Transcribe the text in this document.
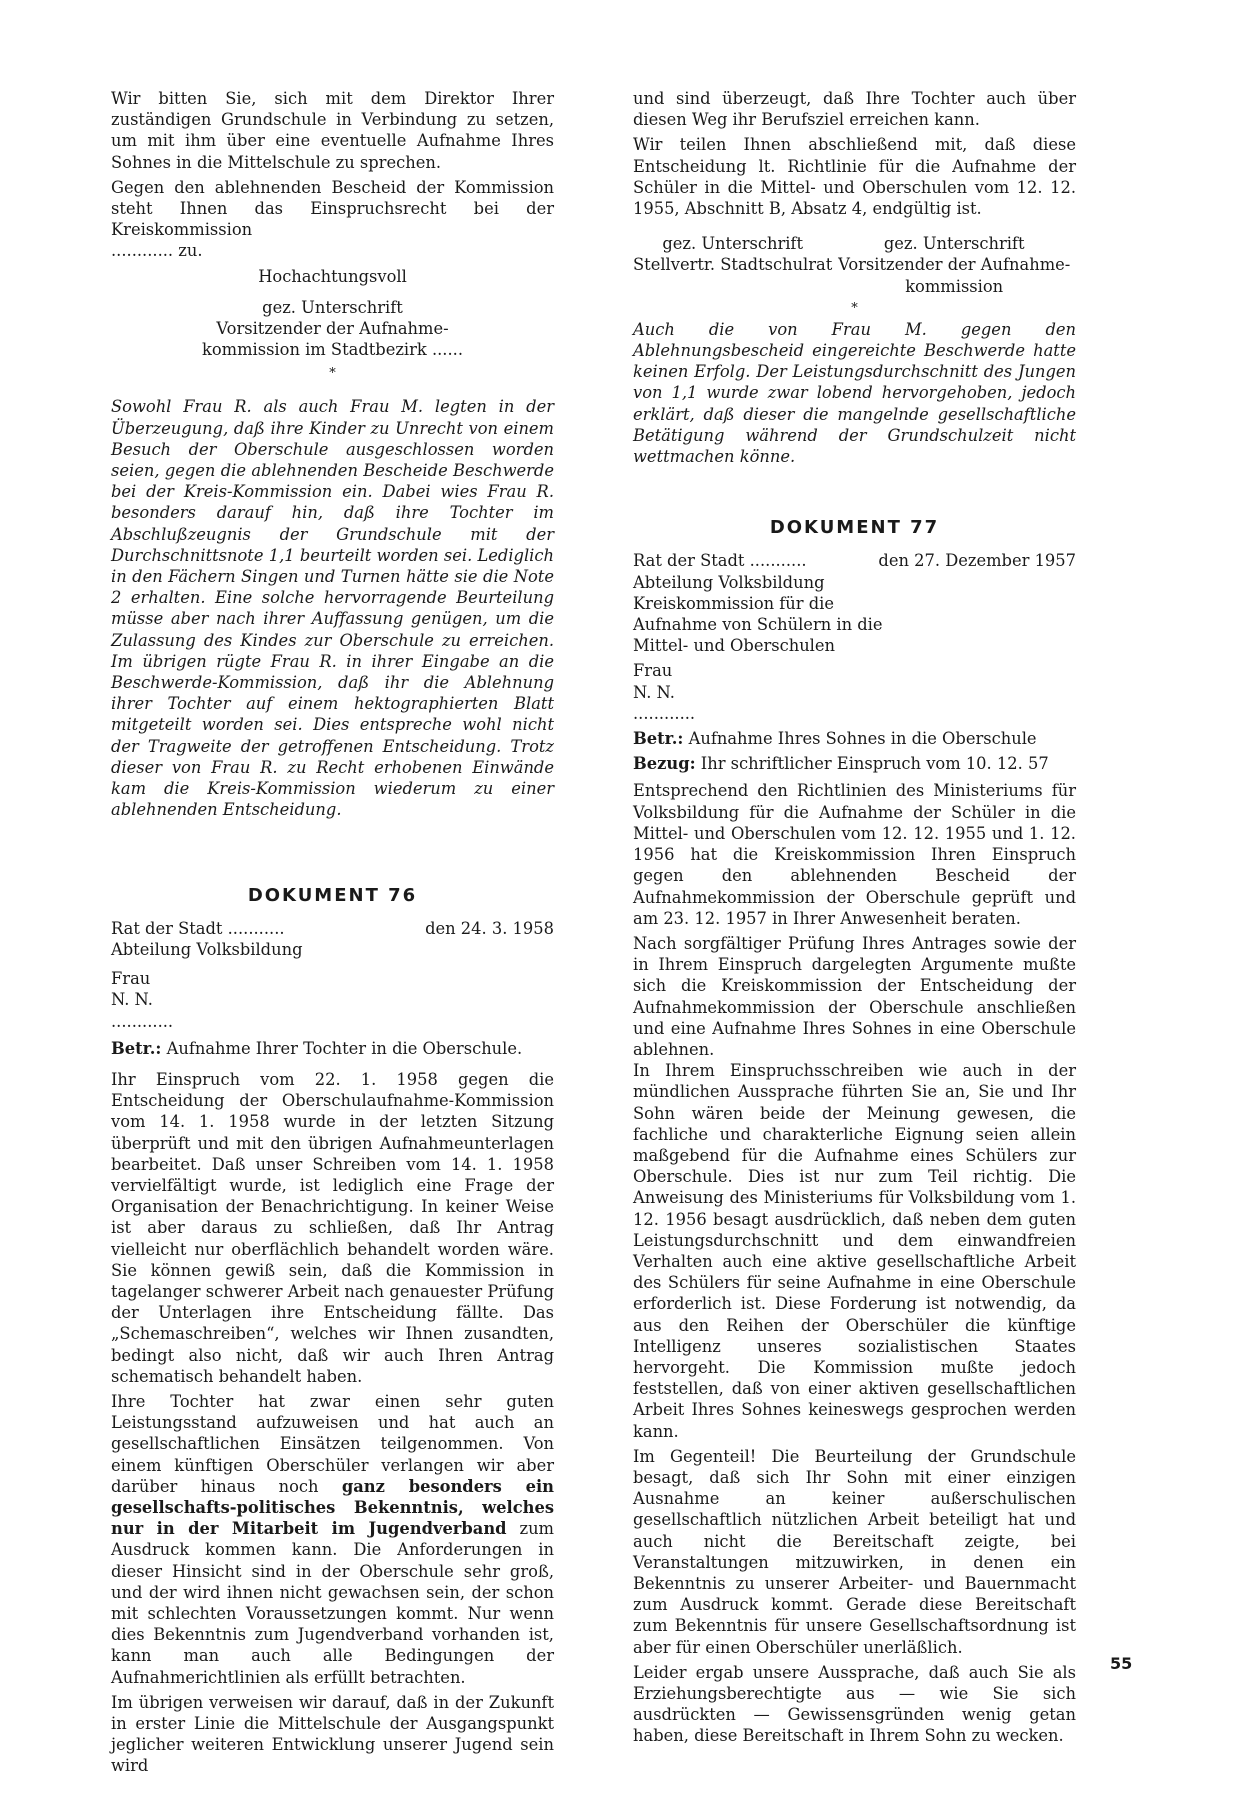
Wir bitten Sie, sich mit dem Direktor Ihrer zuständigen Grundschule in Verbindung zu setzen, um mit ihm über eine eventuelle Aufnahme Ihres Sohnes in die Mittelschule zu sprechen.

Gegen den ablehnenden Bescheid der Kommission steht Ihnen das Einspruchsrecht bei der Kreiskommission

............ zu.

Hochachtungsvoll

gez. Unterschrift

Vorsitzender der Aufnahme-

kommission im Stadtbezirk ......

*

Sowohl Frau R. als auch Frau M. legten in der Überzeugung, daß ihre Kinder zu Unrecht von einem Besuch der Oberschule ausgeschlossen worden seien, gegen die ablehnenden Bescheide Beschwerde bei der Kreis-Kommission ein. Dabei wies Frau R. besonders darauf hin, daß ihre Tochter im Abschlußzeugnis der Grundschule mit der Durchschnittsnote 1,1 beurteilt worden sei. Lediglich in den Fächern Singen und Turnen hätte sie die Note 2 erhalten. Eine solche hervorragende Beurteilung müsse aber nach ihrer Auffassung genügen, um die Zulassung des Kindes zur Oberschule zu erreichen. Im übrigen rügte Frau R. in ihrer Eingabe an die Beschwerde-Kommission, daß ihr die Ablehnung ihrer Tochter auf einem hektographierten Blatt mitgeteilt worden sei. Dies entspreche wohl nicht der Tragweite der getroffenen Entscheidung. Trotz dieser von Frau R. zu Recht erhobenen Einwände kam die Kreis-Kommission wiederum zu einer ablehnenden Entscheidung.

DOKUMENT 76

Rat der Stadt ...........	den 24. 3. 1958

Abteilung Volksbildung

Frau

N. N.

............

Betr.: Aufnahme Ihrer Tochter in die Oberschule.

Ihr Einspruch vom 22. 1. 1958 gegen die Entscheidung der Oberschulaufnahme-Kommission vom 14. 1. 1958 wurde in der letzten Sitzung überprüft und mit den übrigen Aufnahmeunterlagen bearbeitet. Daß unser Schreiben vom 14. 1. 1958 vervielfältigt wurde, ist lediglich eine Frage der Organisation der Benachrichtigung. In keiner Weise ist aber daraus zu schließen, daß Ihr Antrag vielleicht nur oberflächlich behandelt worden wäre. Sie können gewiß sein, daß die Kommission in tagelanger schwerer Arbeit nach genauester Prüfung der Unterlagen ihre Entscheidung fällte. Das „Schemaschreiben“, welches wir Ihnen zusandten, bedingt also nicht, daß wir auch Ihren Antrag schematisch behandelt haben.

Ihre Tochter hat zwar einen sehr guten Leistungsstand aufzuweisen und hat auch an gesellschaftlichen Einsätzen teilgenommen. Von einem künftigen Oberschüler verlangen wir aber darüber hinaus noch ganz besonders ein gesellschafts-politisches Bekenntnis, welches nur in der Mitarbeit im Jugendverband zum Ausdruck kommen kann. Die Anforderungen in dieser Hinsicht sind in der Oberschule sehr groß, und der wird ihnen nicht gewachsen sein, der schon mit schlechten Voraussetzungen kommt. Nur wenn dies Bekenntnis zum Jugendverband vorhanden ist, kann man auch alle Bedingungen der Aufnahmerichtlinien als erfüllt betrachten.

Im übrigen verweisen wir darauf, daß in der Zukunft in erster Linie die Mittelschule der Ausgangspunkt jeglicher weiteren Entwicklung unserer Jugend sein wird

und sind überzeugt, daß Ihre Tochter auch über diesen Weg ihr Berufsziel erreichen kann.

Wir teilen Ihnen abschließend mit, daß diese Entscheidung lt. Richtlinie für die Aufnahme der Schüler in die Mittel- und Oberschulen vom 12. 12. 1955, Abschnitt B, Absatz 4, endgültig ist.

gez. Unterschrift
Stellvertr. Stadtschulrat
gez. Unterschrift
Vorsitzender der Aufnahme-
kommission

*

Auch die von Frau M. gegen den Ablehnungsbescheid eingereichte Beschwerde hatte keinen Erfolg. Der Leistungsdurchschnitt des Jungen von 1,1 wurde zwar lobend hervorgehoben, jedoch erklärt, daß dieser die mangelnde gesellschaftliche Betätigung während der Grundschulzeit nicht wettmachen könne.

DOKUMENT 77

Rat der Stadt ...........	den 27. Dezember 1957

Abteilung Volksbildung

Kreiskommission für die

Aufnahme von Schülern in die

Mittel- und Oberschulen

Frau

N. N.

............

Betr.: Aufnahme Ihres Sohnes in die Oberschule

Bezug: Ihr schriftlicher Einspruch vom 10. 12. 57

Entsprechend den Richtlinien des Ministeriums für Volksbildung für die Aufnahme der Schüler in die Mittel- und Oberschulen vom 12. 12. 1955 und 1. 12. 1956 hat die Kreiskommission Ihren Einspruch gegen den ablehnenden Bescheid der Aufnahmekommission der Oberschule geprüft und am 23. 12. 1957 in Ihrer Anwesenheit beraten.

Nach sorgfältiger Prüfung Ihres Antrages sowie der in Ihrem Einspruch dargelegten Argumente mußte sich die Kreiskommission der Entscheidung der Aufnahmekommission der Oberschule anschließen und eine Aufnahme Ihres Sohnes in eine Oberschule ablehnen.

In Ihrem Einspruchsschreiben wie auch in der mündlichen Aussprache führten Sie an, Sie und Ihr Sohn wären beide der Meinung gewesen, die fachliche und charakterliche Eignung seien allein maßgebend für die Aufnahme eines Schülers zur Oberschule. Dies ist nur zum Teil richtig. Die Anweisung des Ministeriums für Volksbildung vom 1. 12. 1956 besagt ausdrücklich, daß neben dem guten Leistungsdurchschnitt und dem einwandfreien Verhalten auch eine aktive gesellschaftliche Arbeit des Schülers für seine Aufnahme in eine Oberschule erforderlich ist. Diese Forderung ist notwendig, da aus den Reihen der Oberschüler die künftige Intelligenz unseres sozialistischen Staates hervorgeht. Die Kommission mußte jedoch feststellen, daß von einer aktiven gesellschaftlichen Arbeit Ihres Sohnes keineswegs gesprochen werden kann.

Im Gegenteil! Die Beurteilung der Grundschule besagt, daß sich Ihr Sohn mit einer einzigen Ausnahme an keiner außerschulischen gesellschaftlich nützlichen Arbeit beteiligt hat und auch nicht die Bereitschaft zeigte, bei Veranstaltungen mitzuwirken, in denen ein Bekenntnis zu unserer Arbeiter- und Bauernmacht zum Ausdruck kommt. Gerade diese Bereitschaft zum Bekenntnis für unsere Gesellschaftsordnung ist aber für einen Oberschüler unerläßlich.

Leider ergab unsere Aussprache, daß auch Sie als Erziehungsberechtigte aus — wie Sie sich ausdrückten — Gewissensgründen wenig getan haben, diese Bereitschaft in Ihrem Sohn zu wecken.

55
